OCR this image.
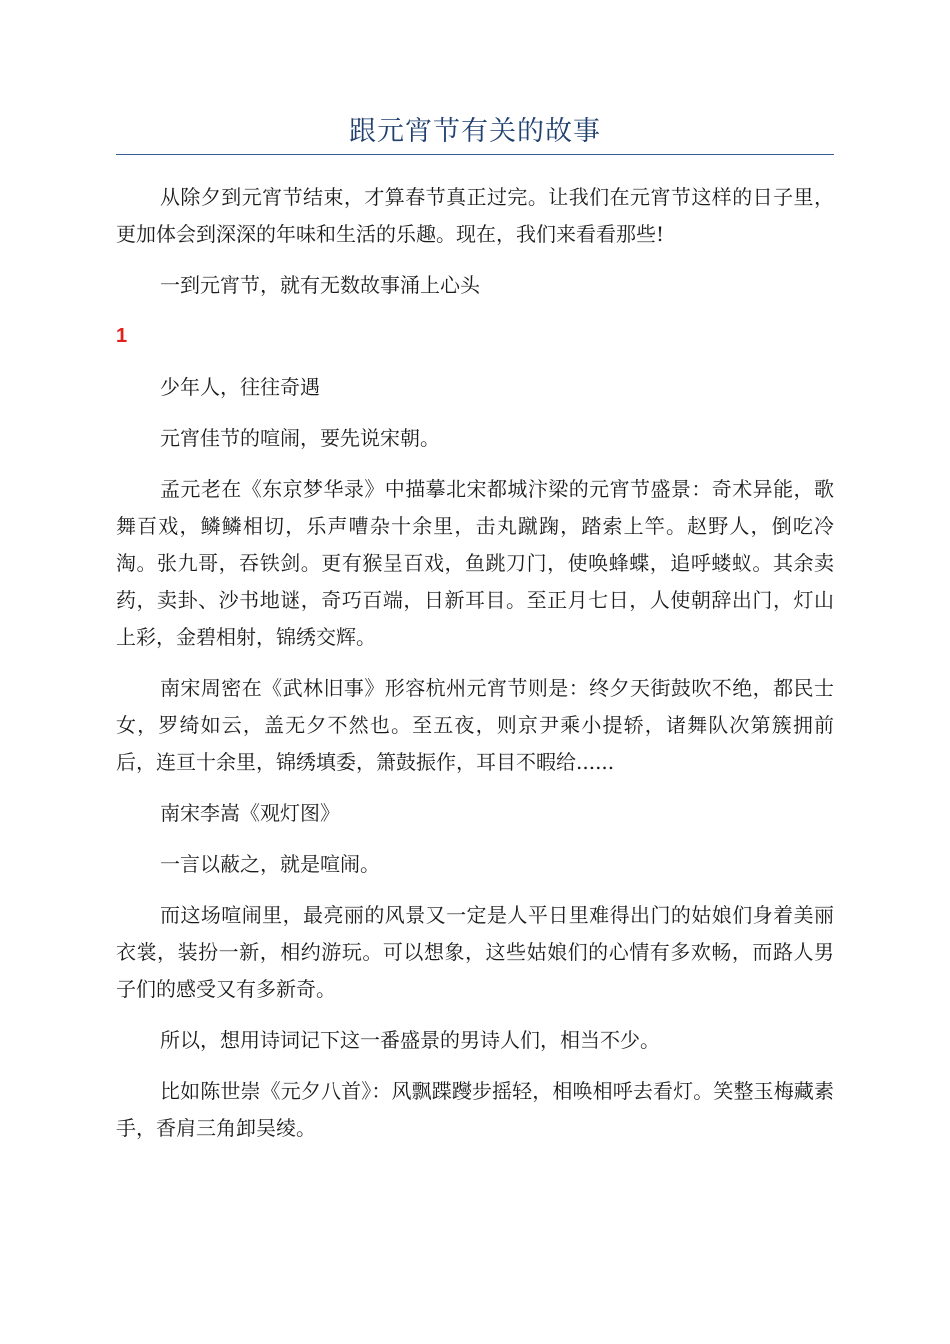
跟元宵节有关的故事

从除夕到元宵节结束，才算春节真正过完。让我们在元宵节这样的日子里，更加体会到深深的年味和生活的乐趣。现在，我们来看看那些!

一到元宵节，就有无数故事涌上心头

1

少年人，往往奇遇

元宵佳节的喧闹，要先说宋朝。

孟元老在《东京梦华录》中描摹北宋都城汴梁的元宵节盛景：奇术异能，歌舞百戏，鳞鳞相切，乐声嘈杂十余里，击丸蹴踘，踏索上竿。赵野人，倒吃冷淘。张九哥，吞铁剑。更有猴呈百戏，鱼跳刀门，使唤蜂蝶，追呼蝼蚁。其余卖药，卖卦、沙书地谜，奇巧百端，日新耳目。至正月七日，人使朝辞出门，灯山上彩，金碧相射，锦绣交辉。

南宋周密在《武林旧事》形容杭州元宵节则是：终夕天街鼓吹不绝，都民士女，罗绮如云，盖无夕不然也。至五夜，则京尹乘小提轿，诸舞队次第簇拥前后，连亘十余里，锦绣填委，箫鼓振作，耳目不暇给......

南宋李嵩《观灯图》

一言以蔽之，就是喧闹。

而这场喧闹里，最亮丽的风景又一定是人平日里难得出门的姑娘们身着美丽衣裳，装扮一新，相约游玩。可以想象，这些姑娘们的心情有多欢畅，而路人男子们的感受又有多新奇。

所以，想用诗词记下这一番盛景的男诗人们，相当不少。

比如陈世崇《元夕八首》：风飘蹀躞步摇轻，相唤相呼去看灯。笑整玉梅藏素手，香肩三角卸吴绫。
